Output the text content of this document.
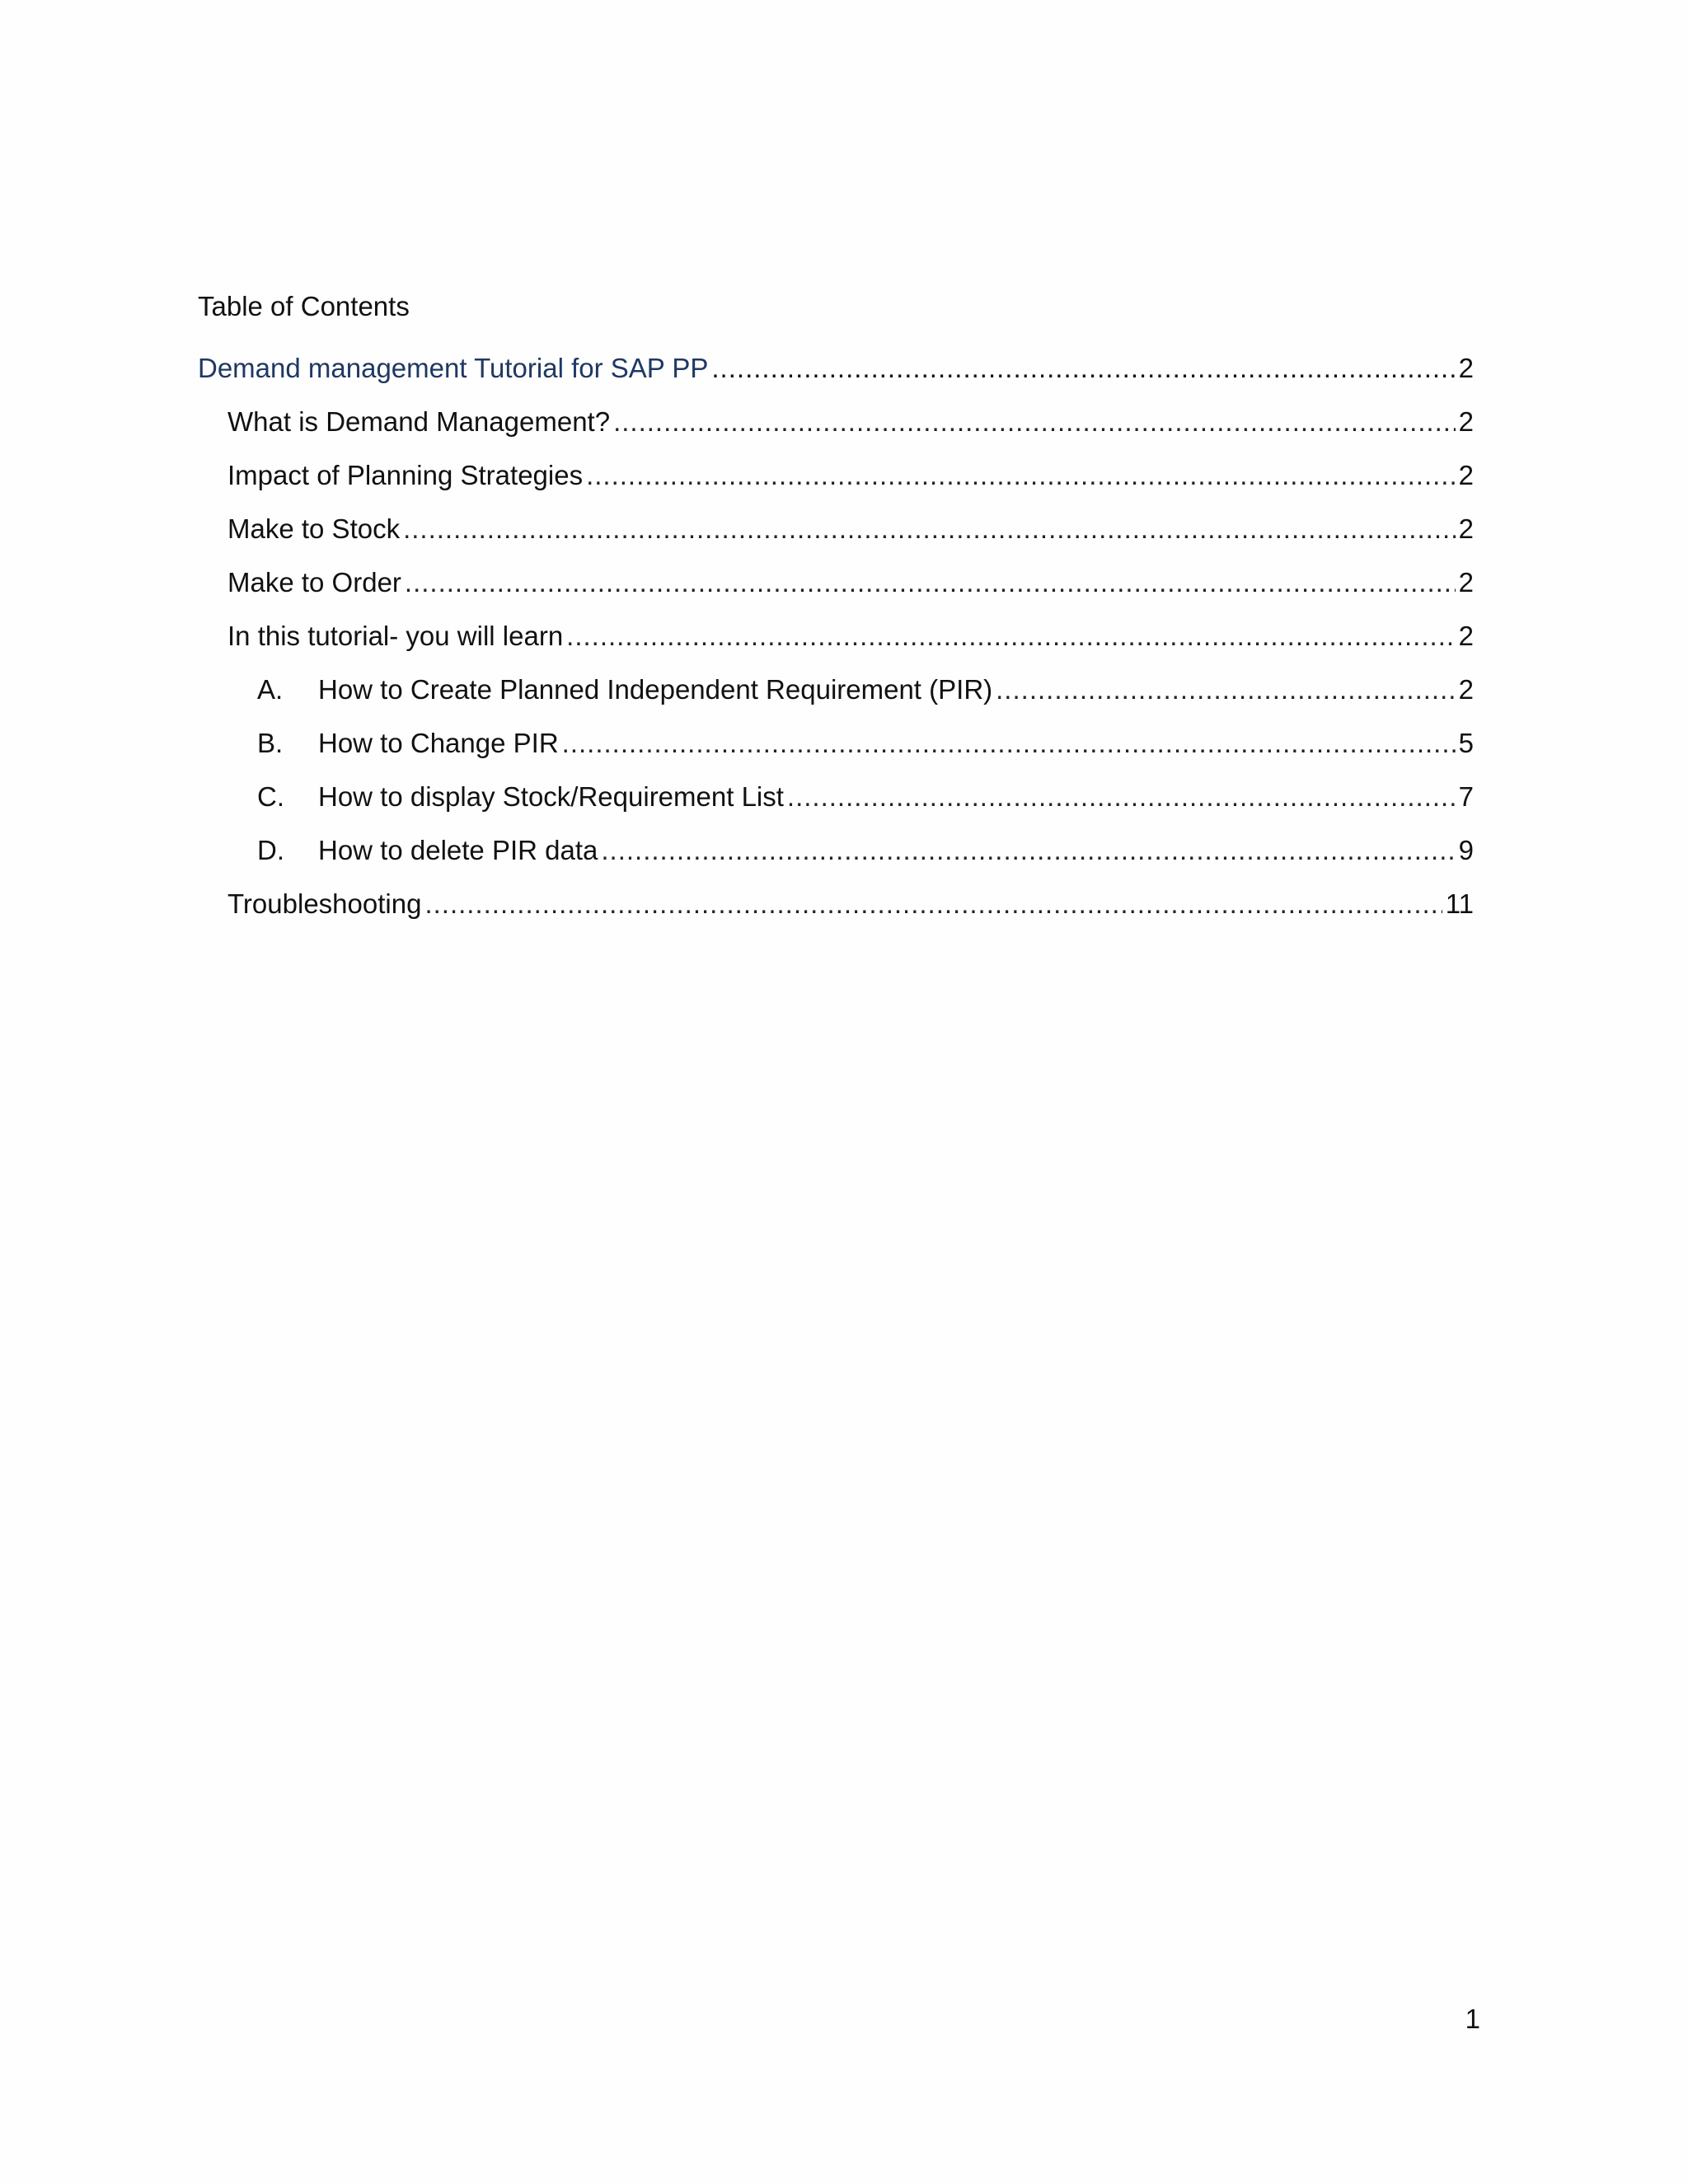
Table of Contents
Demand management Tutorial for SAP PP .....	2
What is Demand Management? .....	2
Impact of Planning Strategies .....	2
Make to Stock .....	2
Make to Order .....	2
In this tutorial- you will learn .....	2
A.	How to Create Planned Independent Requirement (PIR) .....	2
B.	How to Change PIR .....	5
C.	How to display Stock/Requirement List .....	7
D.	How to delete PIR data .....	9
Troubleshooting .....	11
1
